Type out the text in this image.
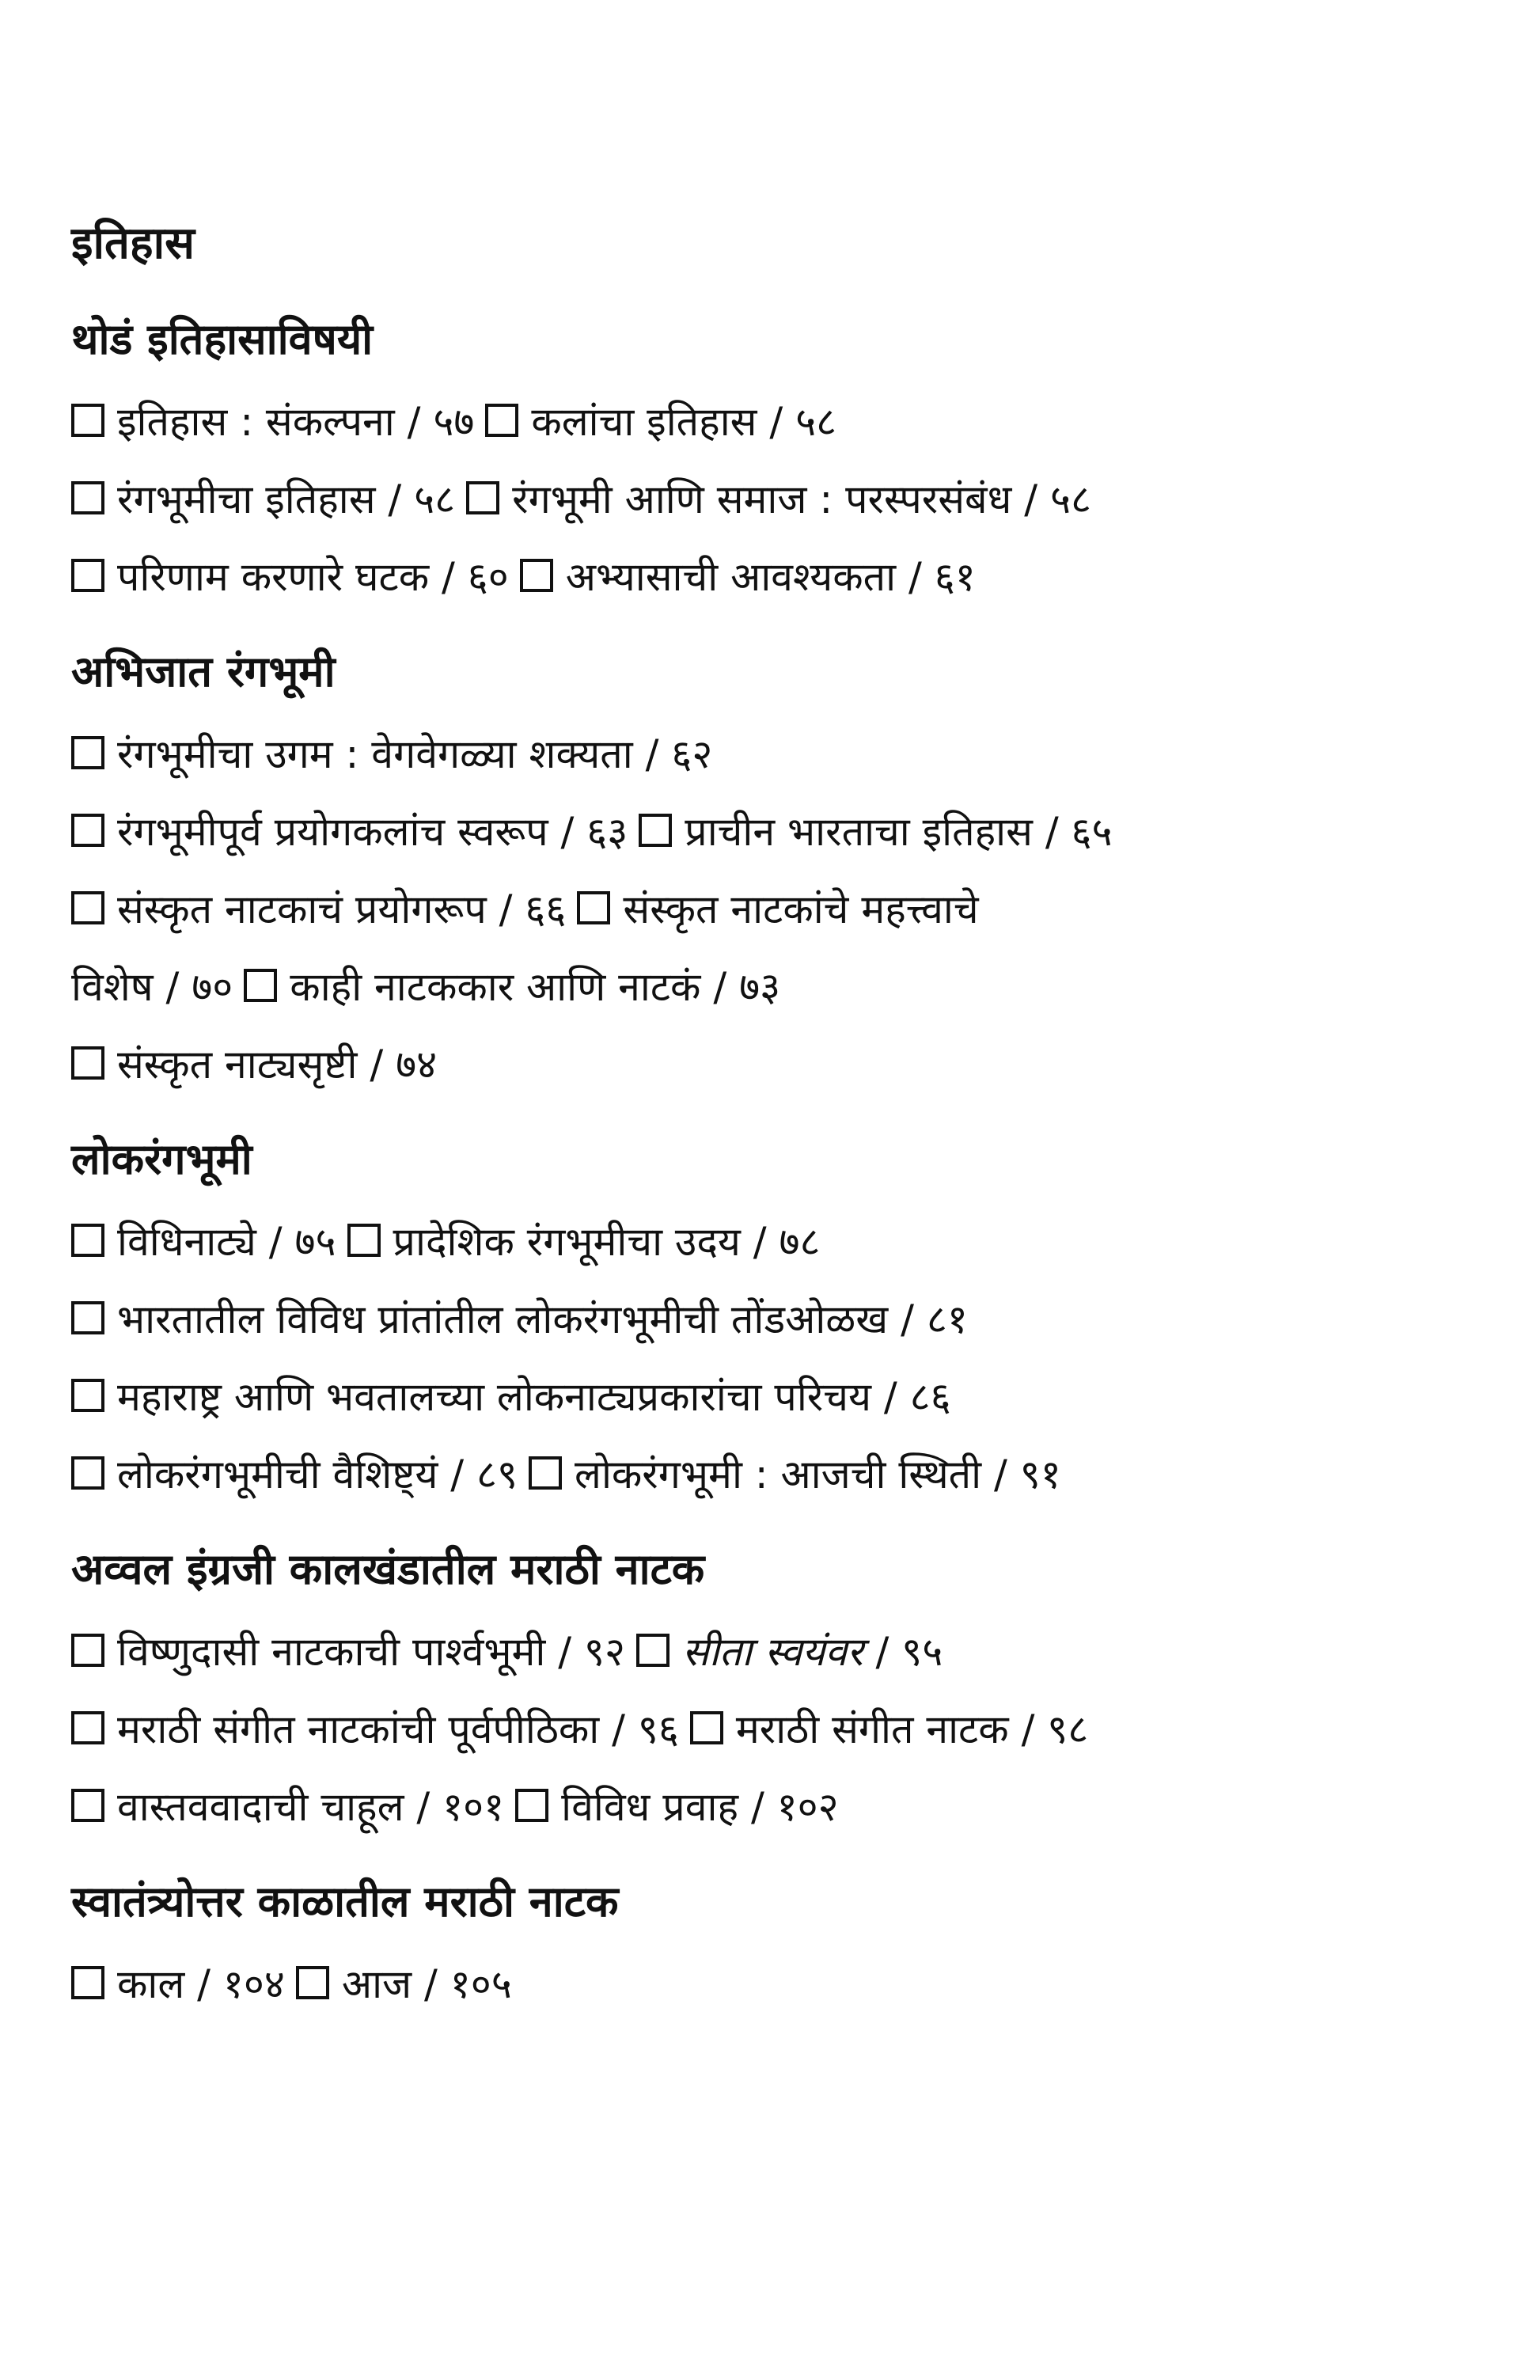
इतिहास
थोडं इतिहासाविषयी
इतिहास : संकल्पना / ५७ कलांचा इतिहास / ५८
रंगभूमीचा इतिहास / ५८ रंगभूमी आणि समाज : परस्परसंबंध / ५८
परिणाम करणारे घटक / ६० अभ्यासाची आवश्यकता / ६१
अभिजात रंगभूमी
रंगभूमीचा उगम : वेगवेगळ्या शक्यता / ६२
रंगभूमीपूर्व प्रयोगकलांच स्वरूप / ६३ प्राचीन भारताचा इतिहास / ६५
संस्कृत नाटकाचं प्रयोगरूप / ६६ संस्कृत नाटकांचे महत्त्वाचे
विशेष / ७० काही नाटककार आणि नाटकं / ७३
संस्कृत नाट्यसृष्टी / ७४
लोकरंगभूमी
विधिनाट्ये / ७५ प्रादेशिक रंगभूमीचा उदय / ७८
भारतातील विविध प्रांतांतील लोकरंगभूमीची तोंडओळख / ८१
महाराष्ट्र आणि भवतालच्या लोकनाट्यप्रकारांचा परिचय / ८६
लोकरंगभूमीची वैशिष्ट्यं / ८९ लोकरंगभूमी : आजची स्थिती / ९१
अव्वल इंग्रजी कालखंडातील मराठी नाटक
विष्णुदासी नाटकाची पार्श्वभूमी / ९२ सीता स्वयंवर / ९५
मराठी संगीत नाटकांची पूर्वपीठिका / ९६ मराठी संगीत नाटक / ९८
वास्तववादाची चाहूल / १०१ विविध प्रवाह / १०२
स्वातंत्र्योत्तर काळातील मराठी नाटक
काल / १०४ आज / १०५
